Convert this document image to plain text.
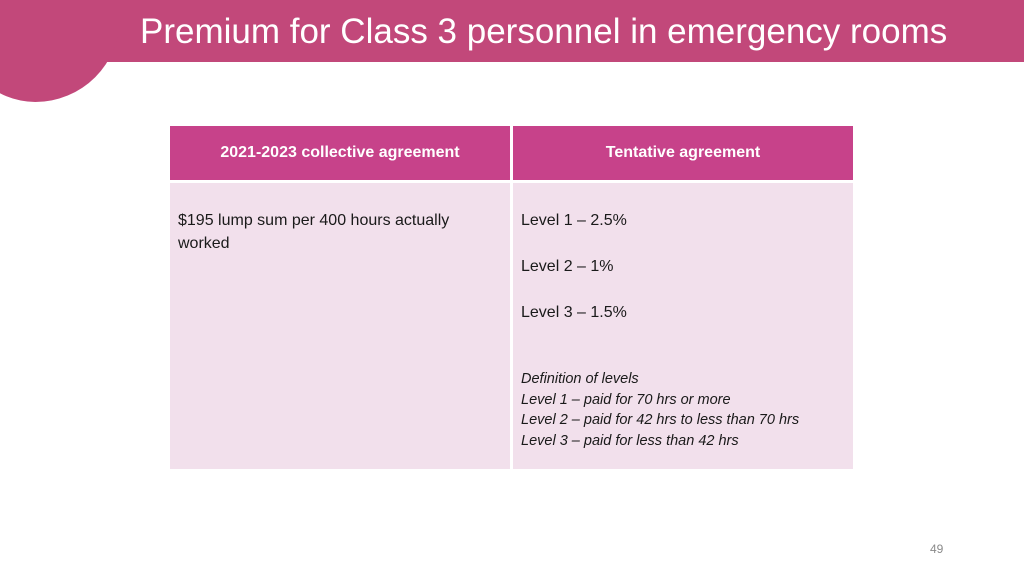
Premium for Class 3 personnel in emergency rooms
2021-2023 collective agreement	Tentative agreement
$195 lump sum per 400 hours actually worked
Level 1 – 2.5%
Level 2 – 1%
Level 3 – 1.5%
Definition of levels
Level 1 – paid for 70 hrs or more
Level 2 – paid for 42 hrs to less than 70 hrs
Level 3 – paid for less than 42 hrs
49
